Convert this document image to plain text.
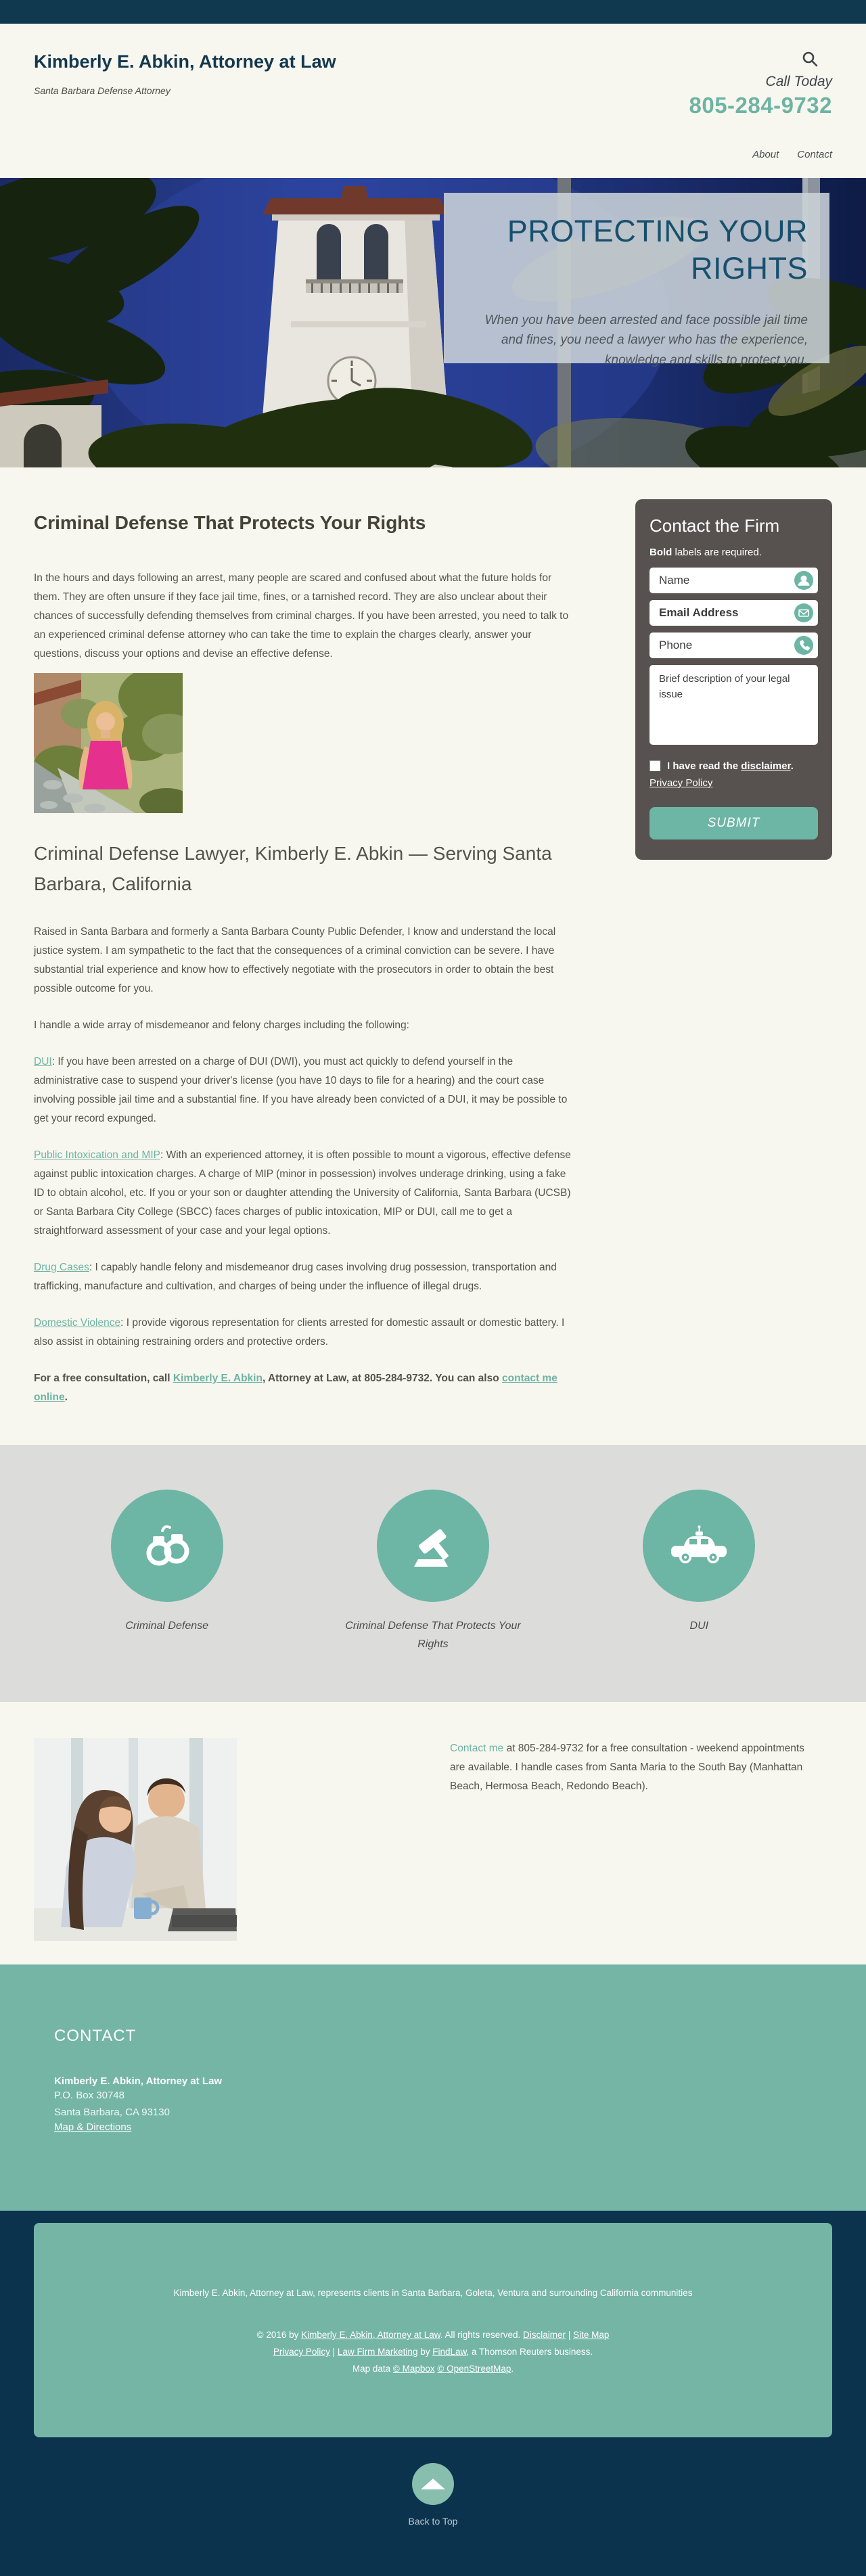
Kimberly E. Abkin, Attorney at Law
Santa Barbara Defense Attorney
Call Today
805-284-9732
About Contact
PROTECTING YOUR
RIGHTS

When you have been arrested and face possible jail time and fines, you need a lawyer who has the experience, knowledge and skills to protect you.

Criminal Defense That Protects Your Rights

In the hours and days following an arrest, many people are scared and confused about what the future holds for them. They are often unsure if they face jail time, fines, or a tarnished record. They are also unclear about their chances of successfully defending themselves from criminal charges. If you have been arrested, you need to talk to an experienced criminal defense attorney who can take the time to explain the charges clearly, answer your questions, discuss your options and devise an effective defense.

Criminal Defense Lawyer, Kimberly E. Abkin — Serving Santa Barbara, California

Raised in Santa Barbara and formerly a Santa Barbara County Public Defender, I know and understand the local justice system. I am sympathetic to the fact that the consequences of a criminal conviction can be severe. I have substantial trial experience and know how to effectively negotiate with the prosecutors in order to obtain the best possible outcome for you.

I handle a wide array of misdemeanor and felony charges including the following:

DUI: If you have been arrested on a charge of DUI (DWI), you must act quickly to defend yourself in the administrative case to suspend your driver's license (you have 10 days to file for a hearing) and the court case involving possible jail time and a substantial fine. If you have already been convicted of a DUI, it may be possible to get your record expunged.

Public Intoxication and MIP: With an experienced attorney, it is often possible to mount a vigorous, effective defense against public intoxication charges. A charge of MIP (minor in possession) involves underage drinking, using a fake ID to obtain alcohol, etc. If you or your son or daughter attending the University of California, Santa Barbara (UCSB) or Santa Barbara City College (SBCC) faces charges of public intoxication, MIP or DUI, call me to get a straightforward assessment of your case and your legal options.

Drug Cases: I capably handle felony and misdemeanor drug cases involving drug possession, transportation and trafficking, manufacture and cultivation, and charges of being under the influence of illegal drugs.

Domestic Violence: I provide vigorous representation for clients arrested for domestic assault or domestic battery. I also assist in obtaining restraining orders and protective orders.

For a free consultation, call Kimberly E. Abkin, Attorney at Law, at 805-284-9732. You can also contact me online.

Contact the Firm
Bold labels are required.
Name
Email Address
Phone
Brief description of your legal issue
I have read the disclaimer.
Privacy Policy SUBMIT
Criminal Defense	Criminal Defense That Protects Your Rights
DUI

Contact me at 805-284-9732 for a free consultation - weekend appointments are available. I handle cases from Santa Maria to the South Bay (Manhattan Beach, Hermosa Beach, Redondo Beach).

CONTACT
Kimberly E. Abkin, Attorney at Law
P.O. Box 30748
Santa Barbara, CA 93130
Map & Directions
Kimberly E. Abkin, Attorney at Law, represents clients in Santa Barbara, Goleta, Ventura and surrounding California communities
© 2016 by Kimberly E. Abkin, Attorney at Law. All rights reserved. Disclaimer | Site Map
Privacy Policy | Law Firm Marketing by FindLaw, a Thomson Reuters business.
Map data © Mapbox © OpenStreetMap.
Back to Top
